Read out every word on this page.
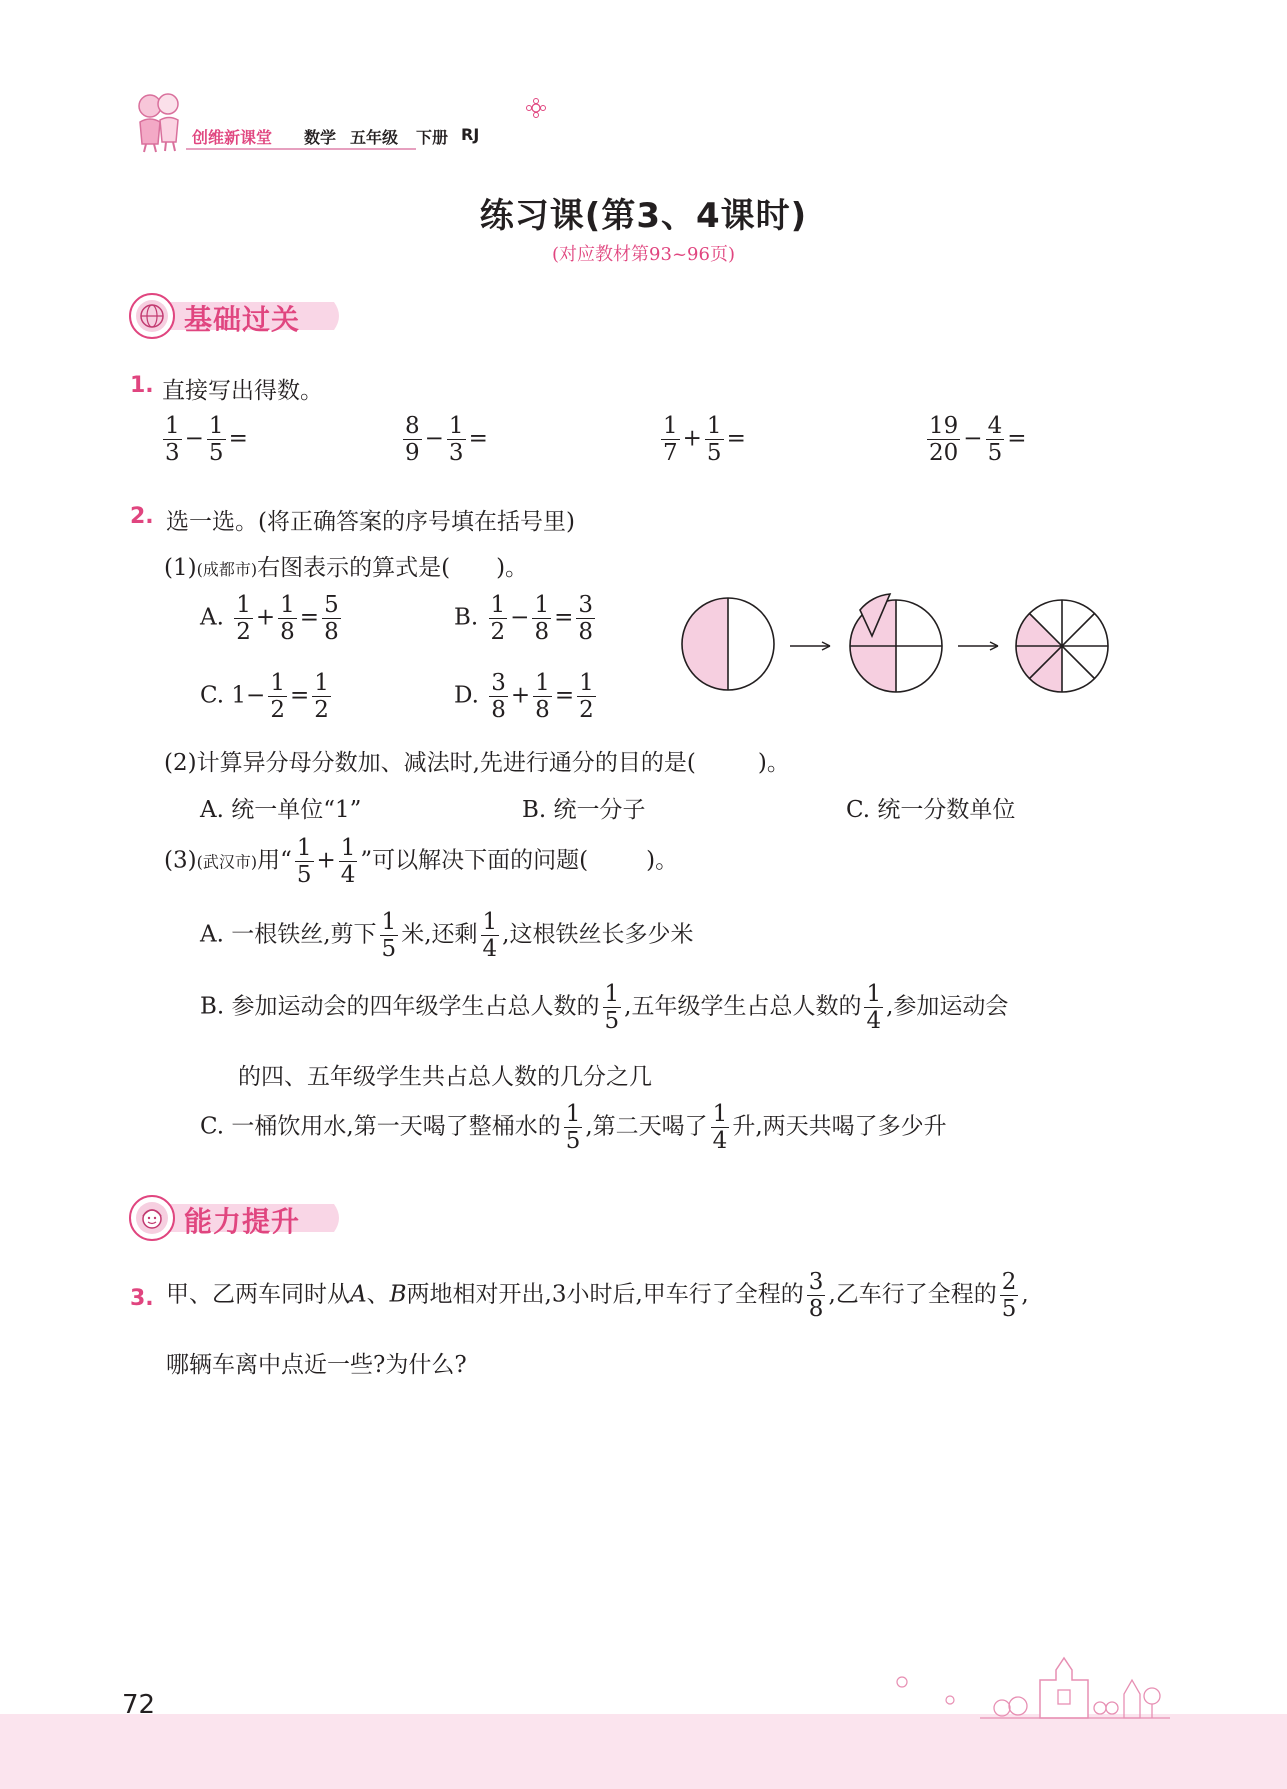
创维新课堂 数学 五年级 下册 RJ
练习课(第3、4课时)
(对应教材第93~96页)
基础过关
1. 直接写出得数。
$\frac{1}{3} - \frac{1}{5}$ =	$\frac{8}{9} - \frac{1}{3}$ =	$\frac{1}{7} + \frac{1}{5}$ =	$\frac{19}{20} - \frac{4}{5}$ =
2. 选一选。(将正确答案的序号填在括号里)
(1)(成都市)右图表示的算式是( )。
A. $\frac{1}{2} + \frac{1}{8} = \frac{5}{8}$	B. $\frac{1}{2} - \frac{1}{8} = \frac{3}{8}$
C. $1- \frac{1}{2} = \frac{1}{2}$	D. $\frac{3}{8} + \frac{1}{8} = \frac{1}{2}$
(2)计算异分母分数加、减法时,先进行通分的目的是(	)。
A. 统一单位“1”	B. 统一分子	C. 统一分数单位
(3)(武汉市)用“ $\frac{1}{5} + \frac{1}{4}$ ”可以解决下面的问题(	)。
A. 一根铁丝,剪下 $\frac{1}{5}$ 米,还剩 $\frac{1}{4}$ ,这根铁丝长多少米
B. 参加运动会的四年级学生占总人数的 $\frac{1}{5}$ ,五年级学生占总人数的 $\frac{1}{4}$ ,参加运动会
的四、五年级学生共占总人数的几分之几
C. 一桶饮用水,第一天喝了整桶水的 $\frac{1}{5}$ ,第二天喝了 $\frac{1}{4}$ 升,两天共喝了多少升
能力提升
3. 甲、乙两车同时从A、B两地相对开出,3小时后,甲车行了全程的 $\frac{3}{8}$ ,乙车行了全程的 $\frac{2}{5}$ ,
哪辆车离中点近一些?为什么?
72
